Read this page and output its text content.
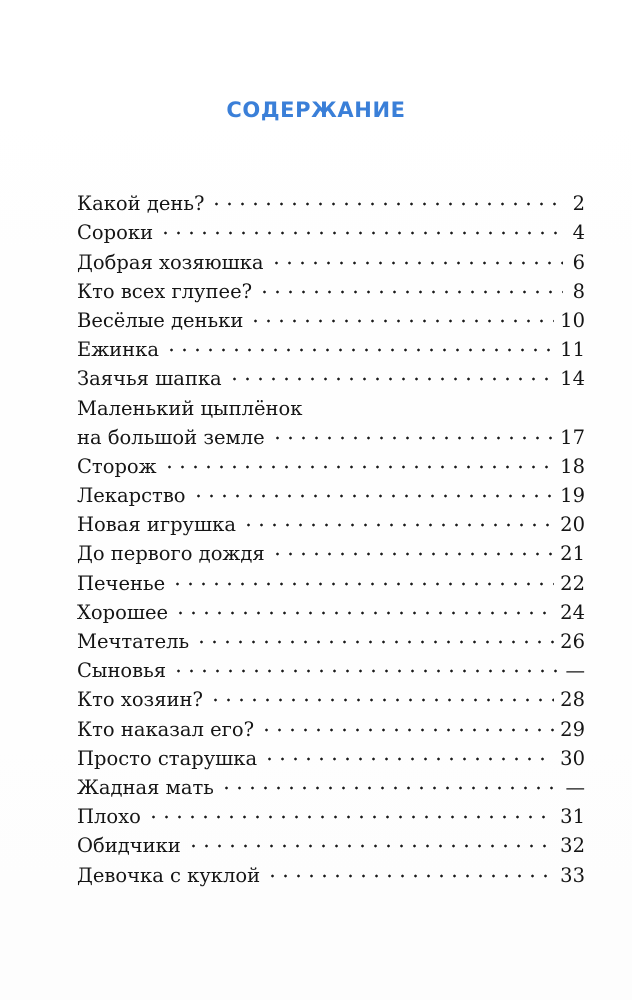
СОДЕРЖАНИЕ
Какой день?	2
Сороки	4
Добрая хозяюшка	6
Кто всех глупее?	8
Весёлые деньки	10
Ежинка	11
Заячья шапка	14
Маленький цыплёнок
на большой земле	17
Сторож	18
Лекарство	19
Новая игрушка	20
До первого дождя	21
Печенье	22
Хорошее	24
Мечтатель	26
Сыновья	—
Кто хозяин?	28
Кто наказал его?	29
Просто старушка	30
Жадная мать	—
Плохо	31
Обидчики	32
Девочка с куклой	33
